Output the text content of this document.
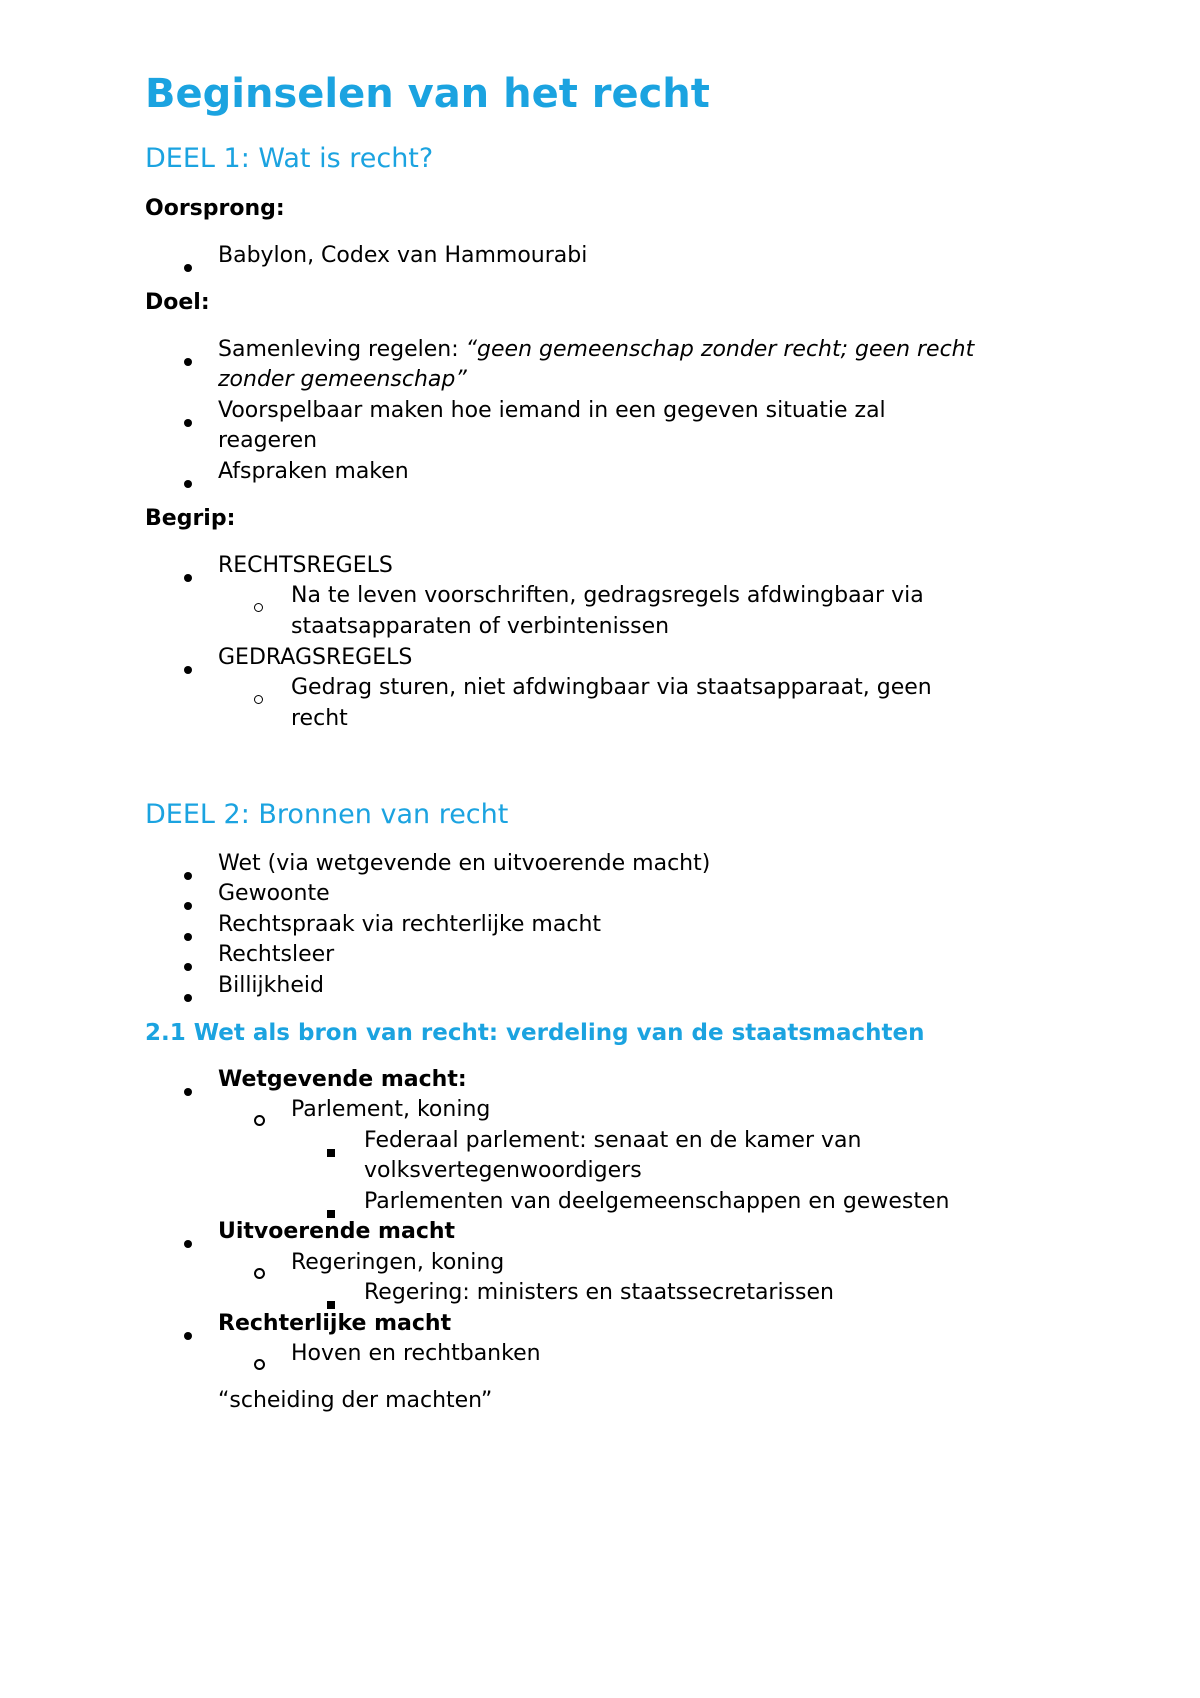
Beginselen van het recht
DEEL 1: Wat is recht?
Oorsprong:
Babylon, Codex van Hammourabi
Doel:
Samenleving regelen: “geen gemeenschap zonder recht; geen recht
zonder gemeenschap”
Voorspelbaar maken hoe iemand in een gegeven situatie zal
reageren
Afspraken maken
Begrip:
RECHTSREGELS
Na te leven voorschriften, gedragsregels afdwingbaar via
staatsapparaten of verbintenissen
GEDRAGSREGELS
Gedrag sturen, niet afdwingbaar via staatsapparaat, geen
recht
DEEL 2: Bronnen van recht
Wet (via wetgevende en uitvoerende macht)
Gewoonte
Rechtspraak via rechterlijke macht
Rechtsleer
Billijkheid
2.1 Wet als bron van recht: verdeling van de staatsmachten
Wetgevende macht:
Parlement, koning
Federaal parlement: senaat en de kamer van
volksvertegenwoordigers
Parlementen van deelgemeenschappen en gewesten
Uitvoerende macht
Regeringen, koning
Regering: ministers en staatssecretarissen
Rechterlijke macht
Hoven en rechtbanken
“scheiding der machten”
